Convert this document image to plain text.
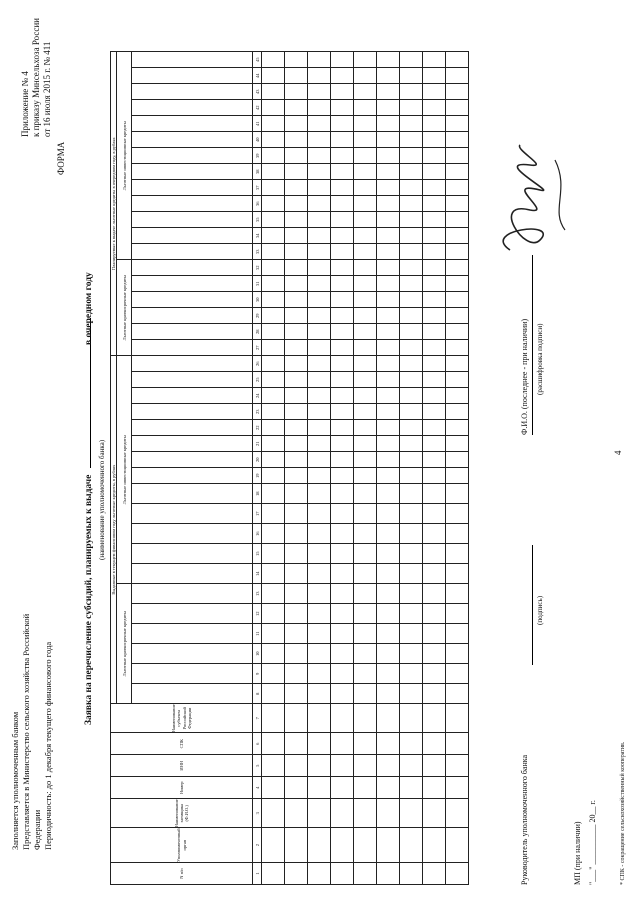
4
Приложение № 4 к приказу Минсельхоза России от 16 июля 2015 г. № 411
ФОРМА
Заполняется уполномоченным банком Представляется в Министерство сельского хозяйства Российской Федерации Периодичность: до 1 декабря текущего финансового года
Заявка на перечисление субсидий, планируемых к выдаче
в очередном году
(наименование уполномоченного банка)
N п/п	Уполномоченный орган	Наименование заемщика (Ф.И.О.)	Номер	ИНН	СПК	Наименование субъекта Российской Федерации	Выданные в текущем финансовом году льготные кредиты, в рублях																			Планируемые к выдаче льготные кредиты в очередном году, в рублях																		
							Льготные краткосрочные кредиты						Льготные инвестиционные кредиты													Льготные краткосрочные кредиты						Льготные инвестиционные кредиты												

1	2	3	4	5	6	7	8	9	10	11	12	13	14	15	16	17	18	19	20	21	22	23	24	25	26	27	28	29	30	31	32	33	34	35	36	37	38	39	40	41	42	43	44	45

Руководитель уполномоченного банка
(подпись)
Ф.И.О. (последнее - при наличии) (расшифровка подписи)
МП (при наличии) "___" __________ 20__ г.	* СПК - сокращение сельскохозяйственный кооператив.
